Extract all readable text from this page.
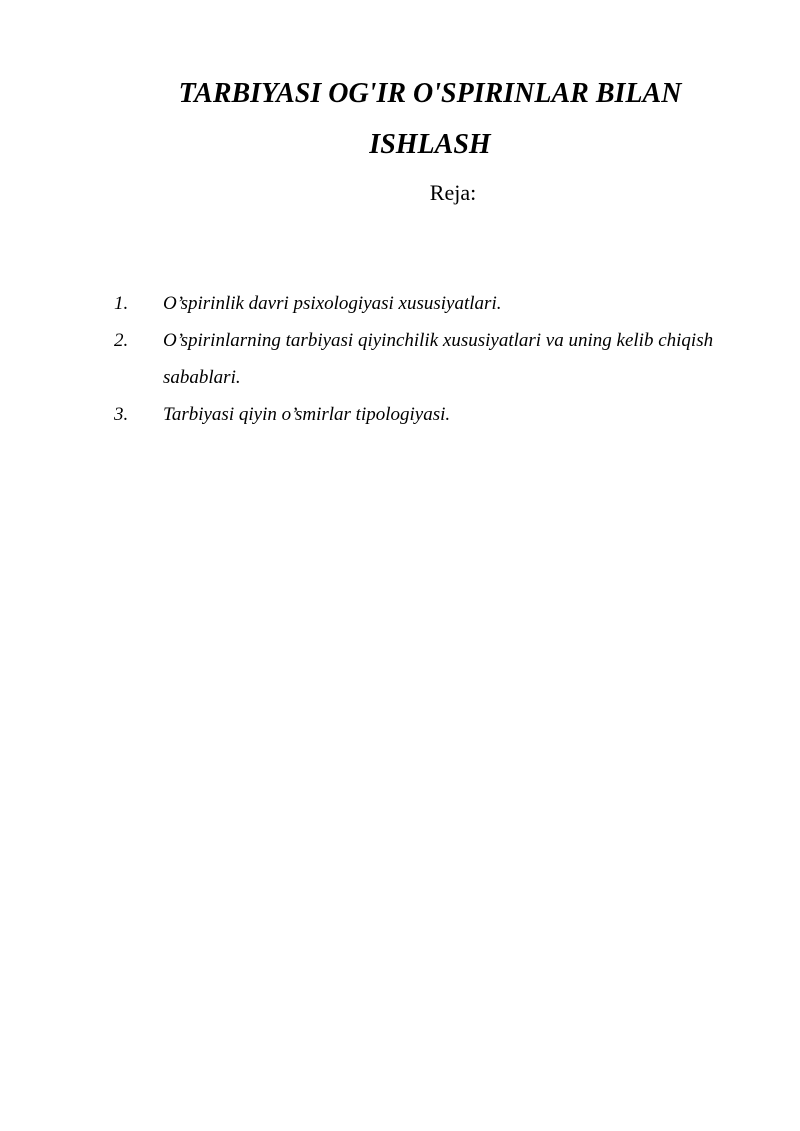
TARBIYASI OG'IR O'SPIRINLAR BILAN
ISHLASH
Reja:
1. O’spirinlik davri psixologiyasi xususiyatlari.
2. O’spirinlarning tarbiyasi qiyinchilik xususiyatlari va uning kelib chiqish sabablari.
3. Tarbiyasi qiyin o’smirlar tipologiyasi.
